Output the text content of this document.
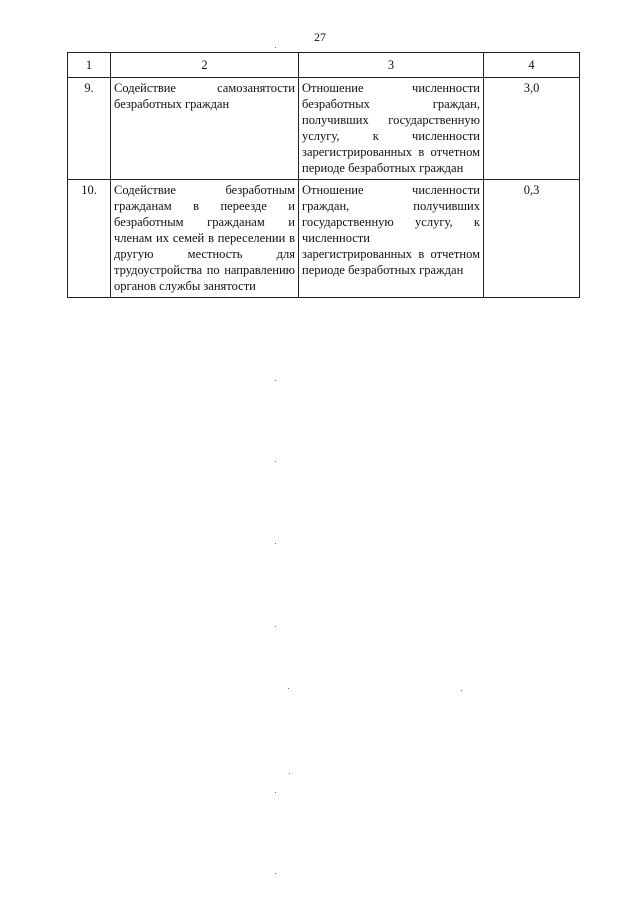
27
1	2	3	4
9.	Содействие самозанятости безработных граждан	Отношение численности безработных граждан, получивших государственную услугу, к численности зарегистрированных в отчетном периоде безработных граждан	3,0
10.	Содействие безработным гражданам в переезде и безработным гражданам и членам их семей в переселении в другую местность для трудоустройства по направлению органов службы занятости	Отношение численности граждан, получивших государственную услугу, к численности зарегистрированных в отчетном периоде безработных граждан	0,3
